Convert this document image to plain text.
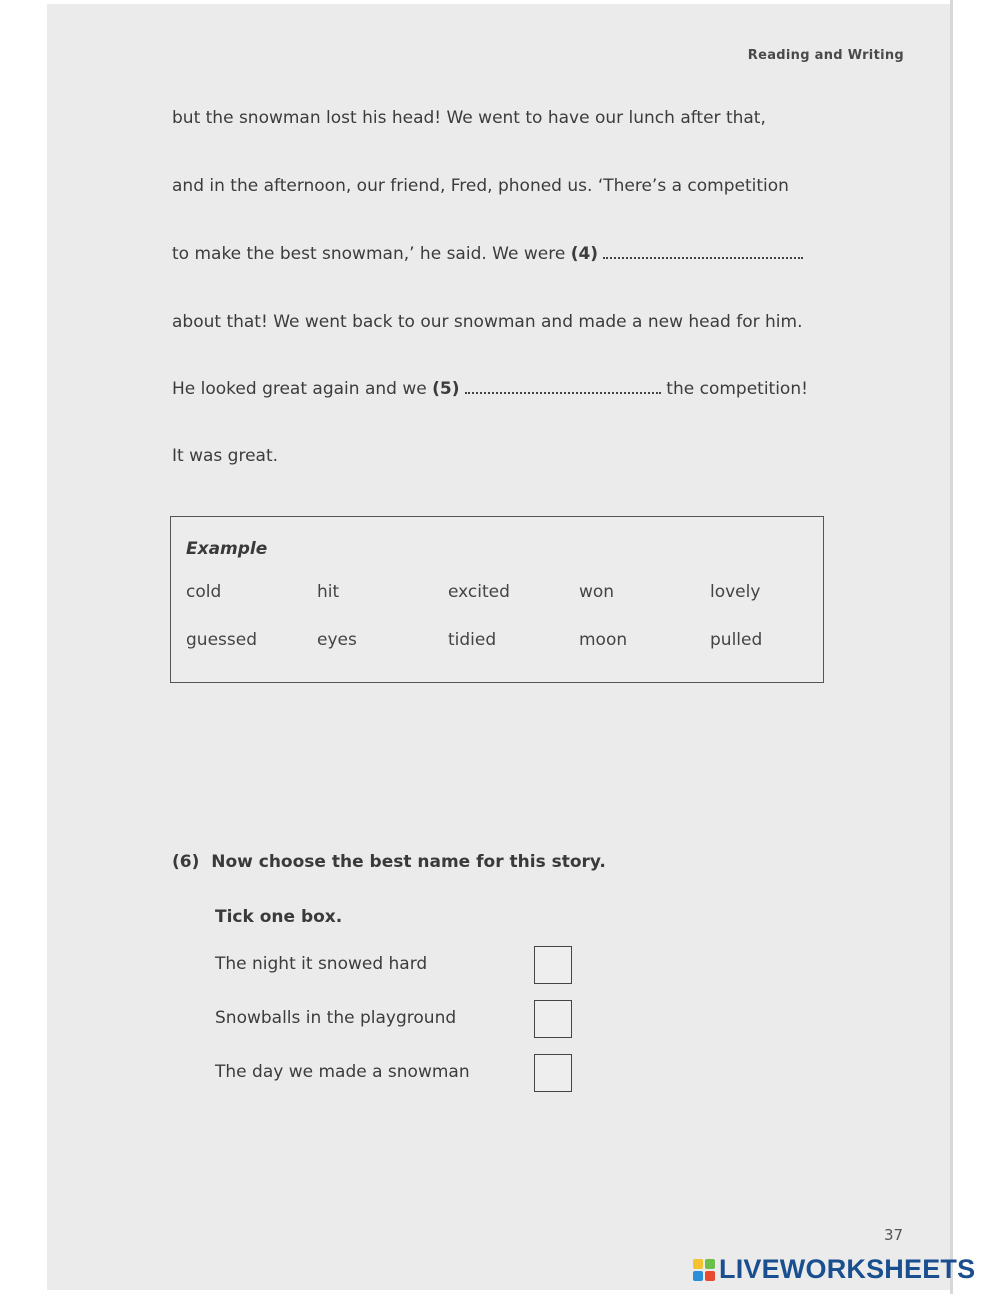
Reading and Writing
but the snowman lost his head! We went to have our lunch after that,
and in the afternoon, our friend, Fred, phoned us. ‘There’s a competition
to make the best snowman,’ he said. We were (4)
about that! We went back to our snowman and made a new head for him.
He looked great again and we (5)	the competition!
It was great.
Example
cold	hit	excited	won	lovely
guessed	eyes	tidied	moon	pulled
(6) Now choose the best name for this story.
Tick one box.
The night it snowed hard
Snowballs in the playground
The day we made a snowman
37
LIVEWORKSHEETS
